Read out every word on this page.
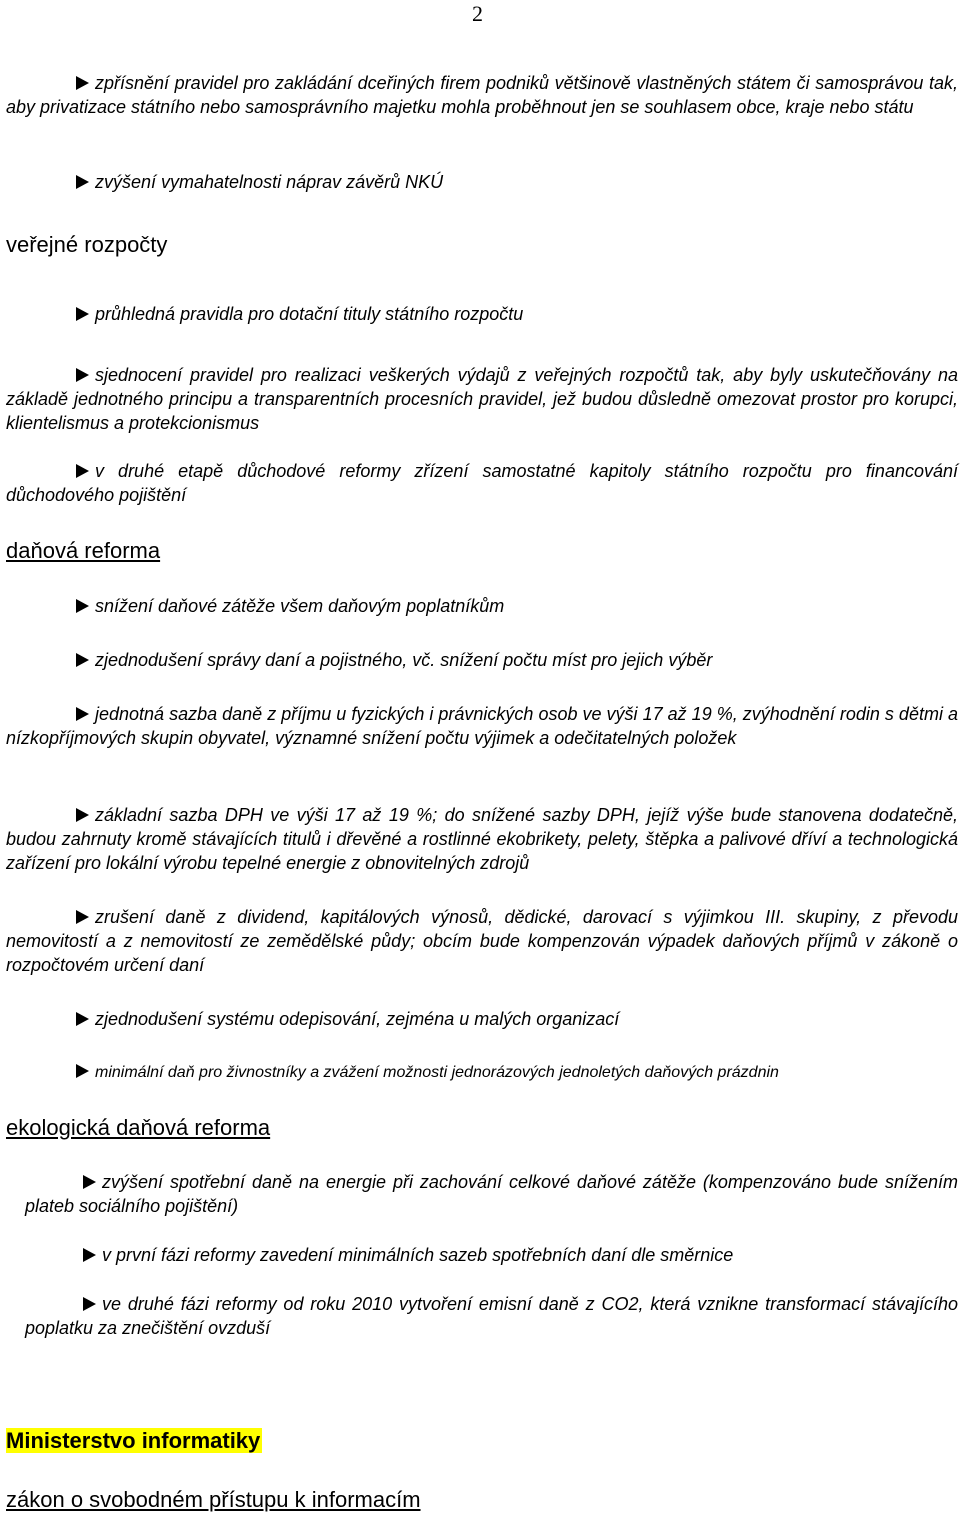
2
zpřísnění pravidel pro zakládání dceřiných firem podniků většinově vlastněných státem či samosprávou tak, aby privatizace státního nebo samosprávního majetku mohla proběhnout jen se souhlasem obce, kraje nebo státu
zvýšení vymahatelnosti náprav závěrů NKÚ
veřejné rozpočty
průhledná pravidla pro dotační tituly státního rozpočtu
sjednocení pravidel pro realizaci veškerých výdajů z veřejných rozpočtů tak, aby byly uskutečňovány na základě jednotného principu a transparentních procesních pravidel, jež budou důsledně omezovat prostor pro korupci, klientelismus a protekcionismus
v druhé etapě důchodové reformy zřízení samostatné kapitoly státního rozpočtu pro financování důchodového pojištění
daňová reforma
snížení daňové zátěže všem daňovým poplatníkům
zjednodušení správy daní a pojistného, vč. snížení počtu míst pro jejich výběr
jednotná sazba daně z příjmu u fyzických i právnických osob ve výši 17 až 19 %, zvýhodnění rodin s dětmi a nízkopříjmových skupin obyvatel, významné snížení počtu výjimek a odečitatelných položek
základní sazba DPH ve výši 17 až 19 %; do snížené sazby DPH, jejíž výše bude stanovena dodatečně, budou zahrnuty kromě stávajících titulů i dřevěné a rostlinné ekobrikety, pelety, štěpka a palivové dříví a technologická zařízení pro lokální výrobu tepelné energie z obnovitelných zdrojů
zrušení daně z dividend, kapitálových výnosů, dědické, darovací s výjimkou III. skupiny, z převodu nemovitostí a z nemovitostí ze zemědělské půdy; obcím bude kompenzován výpadek daňových příjmů v zákoně o rozpočtovém určení daní
zjednodušení systému odepisování, zejména u malých organizací
minimální daň pro živnostníky a zvážení možnosti jednorázových jednoletých daňových prázdnin
ekologická daňová reforma
zvýšení spotřební daně na energie při zachování celkové daňové zátěže (kompenzováno bude snížením plateb sociálního pojištění)
v první fázi reformy zavedení minimálních sazeb spotřebních daní dle směrnice
ve druhé fázi reformy od roku 2010 vytvoření emisní daně z CO2, která vznikne transformací stávajícího poplatku za znečištění ovzduší
Ministerstvo informatiky
zákon o svobodném přístupu k informacím
